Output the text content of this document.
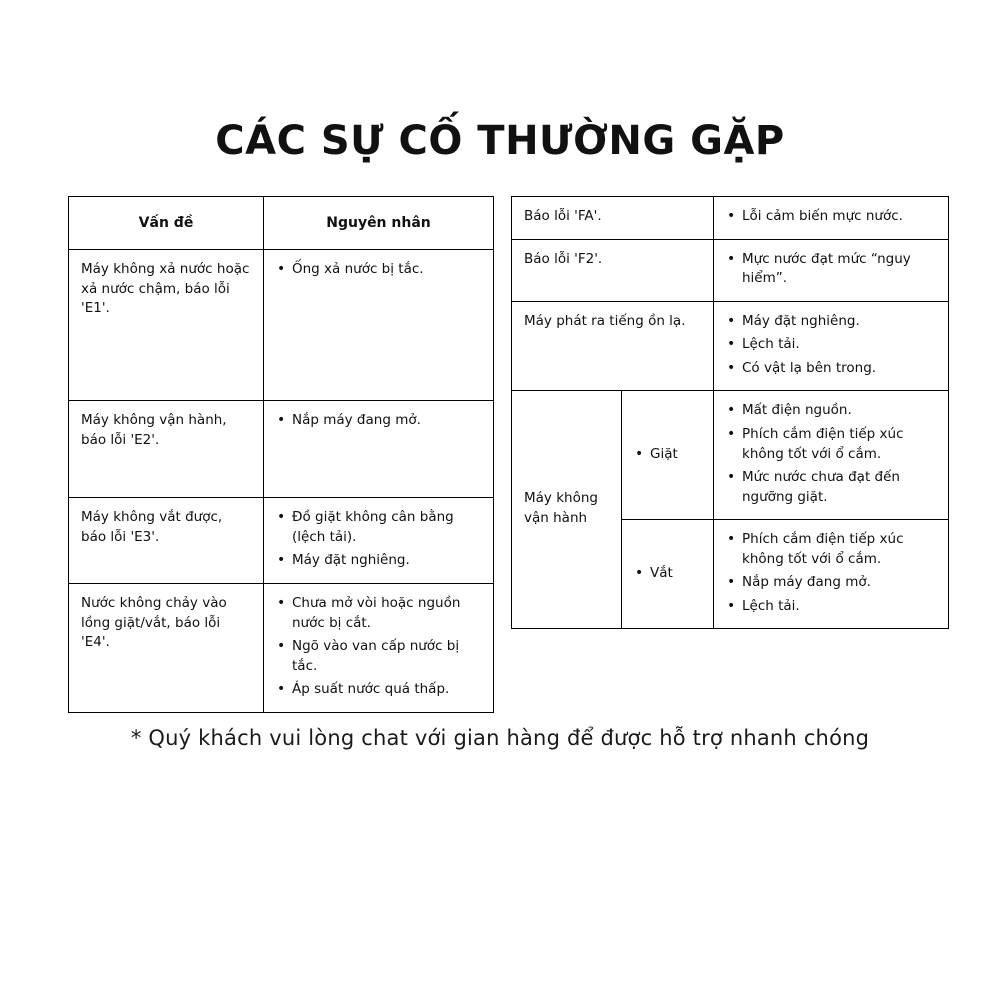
CÁC SỰ CỐ THƯỜNG GẶP
Vấn đề	Nguyên nhân
Máy không xả nước hoặc xả nước chậm, báo lỗi 'E1'.	
• Ống xả nước bị tắc.

Máy không vận hành, báo lỗi 'E2'.	
• Nắp máy đang mở.

Máy không vắt được, báo lỗi 'E3'.	
• Đồ giặt không cân bằng (lệch tải).
• Máy đặt nghiêng.

Nước không chảy vào lồng giặt/vắt, báo lỗi 'E4'.	
• Chưa mở vòi hoặc nguồn nước bị cắt.
• Ngõ vào van cấp nước bị tắc.
• Áp suất nước quá thấp.
Báo lỗi 'FA'.	
•Lỗi cảm biến mực nước.

Báo lỗi 'F2'.	
•Mực nước đạt mức “nguy hiểm”.

Máy phát ra tiếng ồn lạ.	
•Máy đặt nghiêng.
• Lệch tải.
• Có vật lạ bên trong.

Máy không vận hành	
• Giặt

• Mất điện nguồn.
• Phích cắm điện tiếp xúc không tốt với ổ cắm.
• Mức nước chưa đạt đến ngưỡng giặt.

• Vắt

• Phích cắm điện tiếp xúc không tốt với ổ cắm.
• Nắp máy đang mở.
• Lệch tải.
* Quý khách vui lòng chat với gian hàng để được hỗ trợ nhanh chóng
